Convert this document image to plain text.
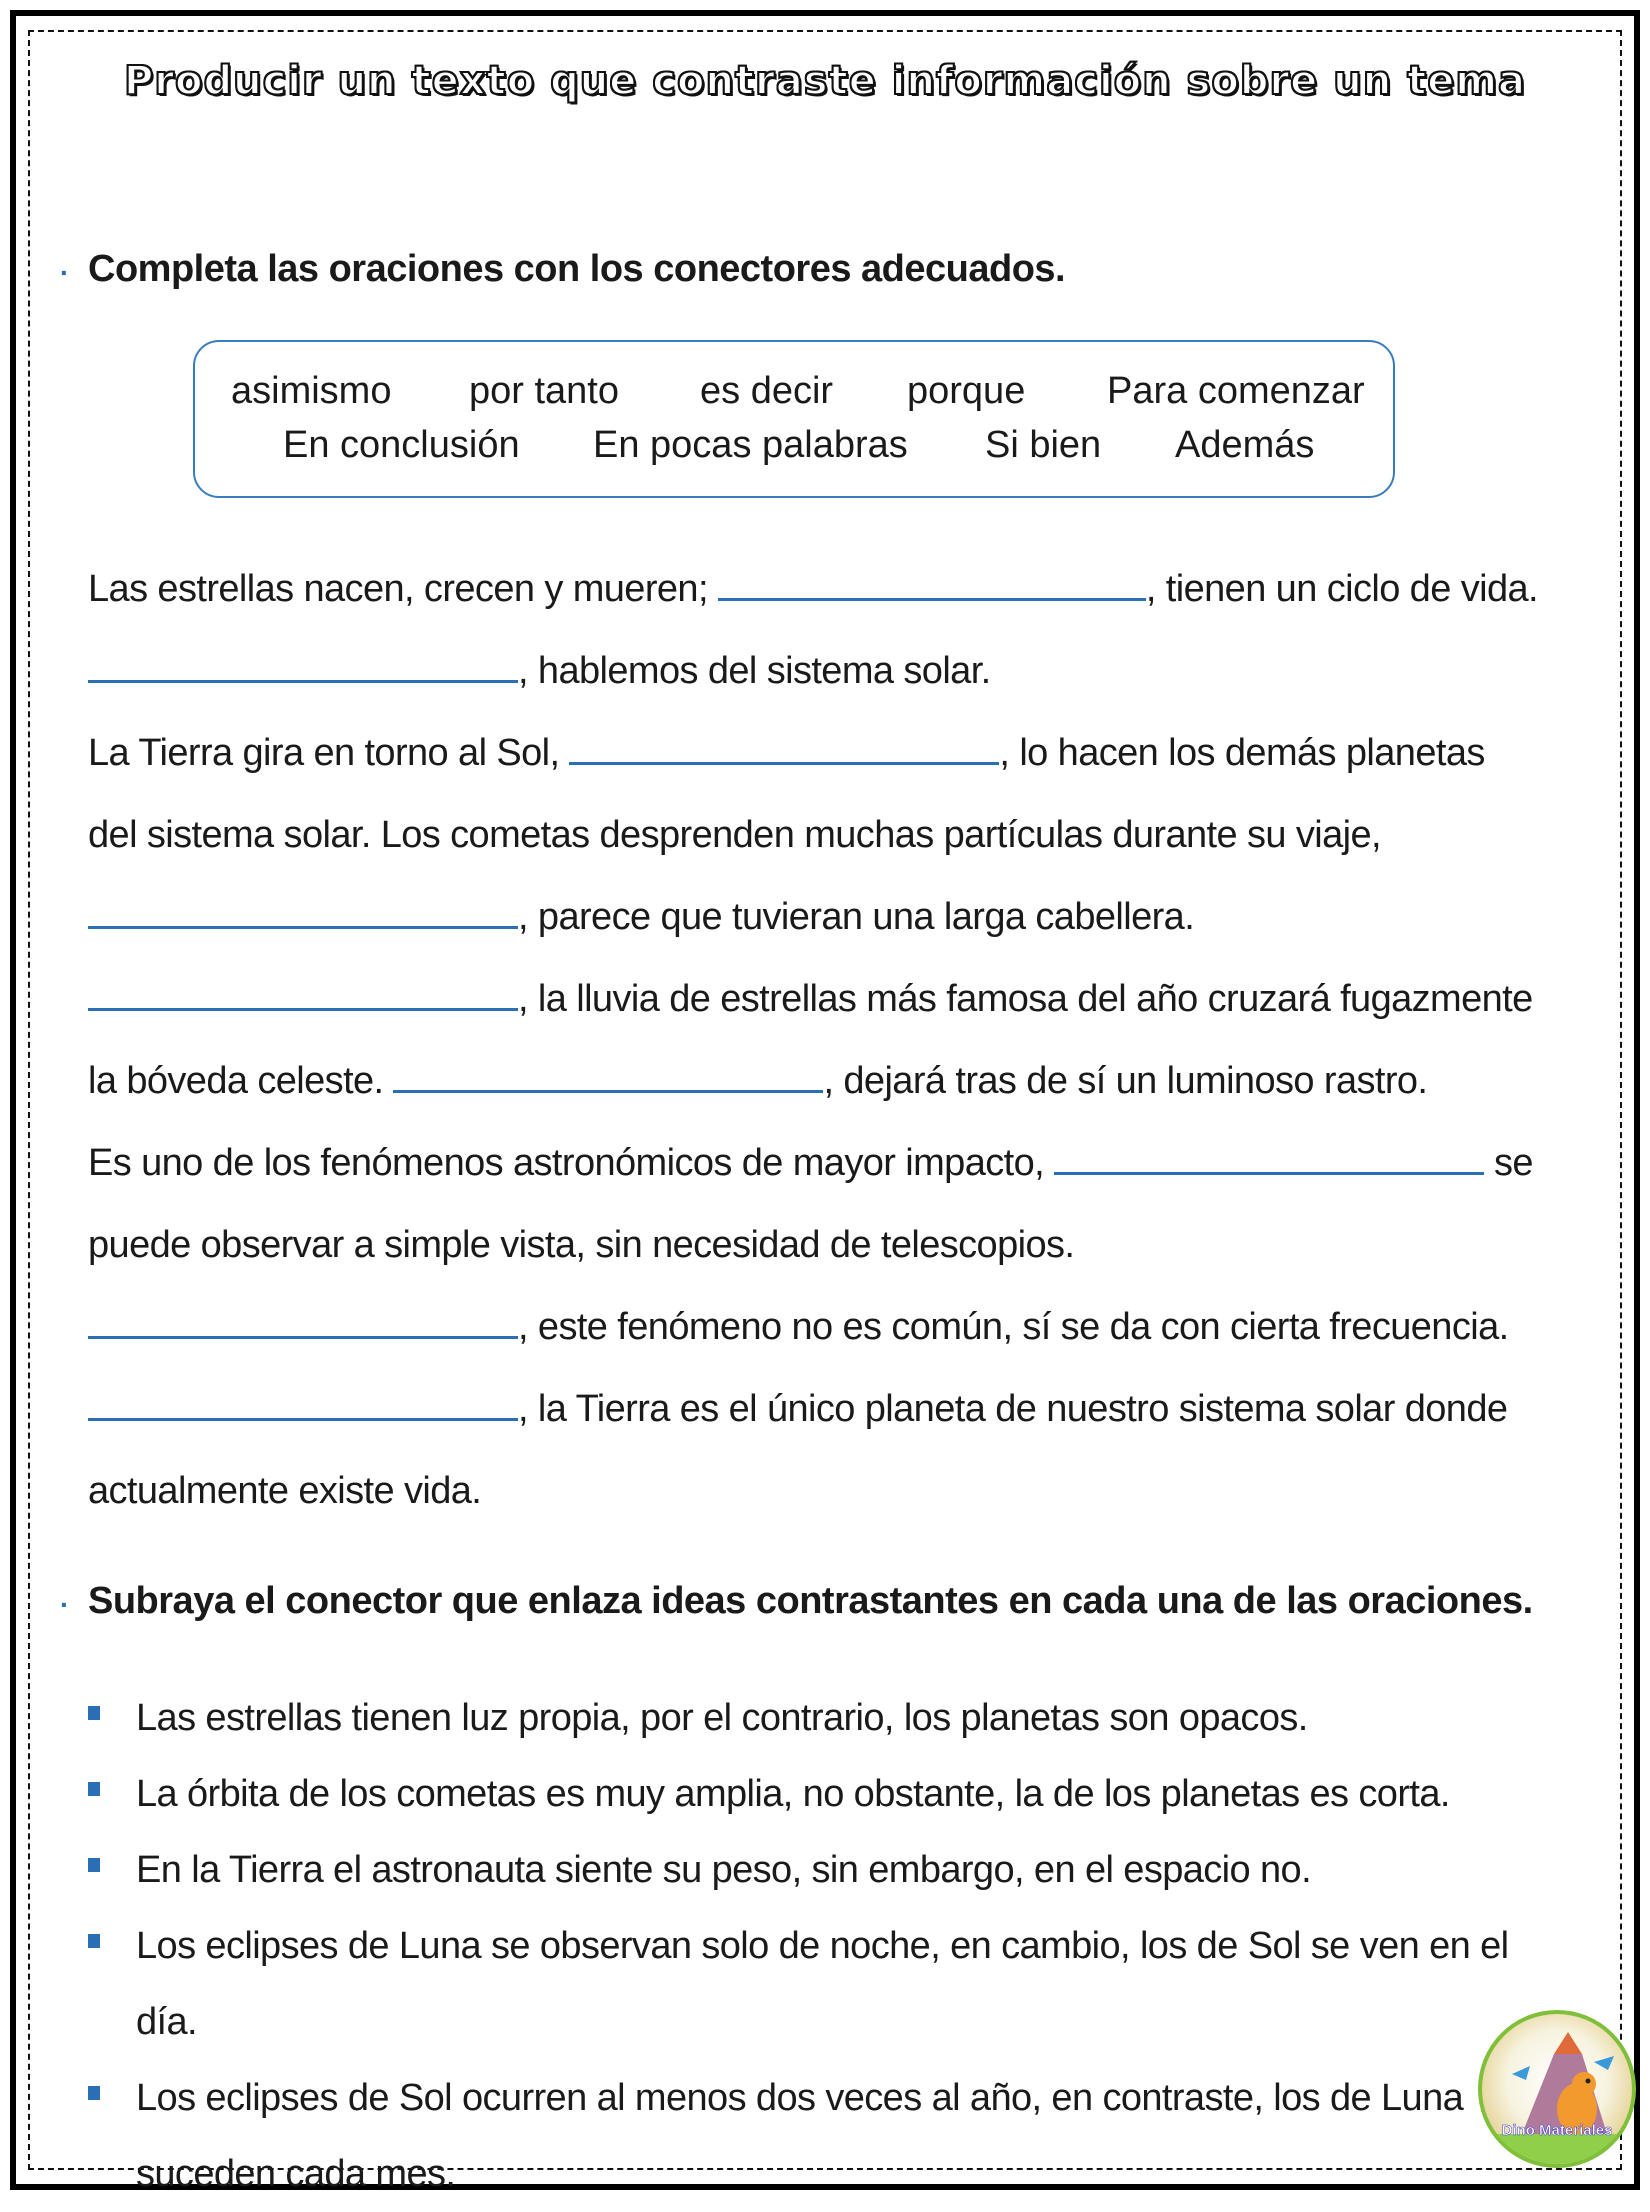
Producir un texto que contraste información sobre un tema
. Completa las oraciones con los conectores adecuados.
asimismo por tanto es decir porque Para comenzar
En conclusión En pocas palabras Si bien Además
Las estrellas nacen, crecen y mueren;	, tienen un ciclo de vida.
, hablemos del sistema solar.
La Tierra gira en torno al Sol,	, lo hacen los demás planetas
del sistema solar. Los cometas desprenden muchas partículas durante su viaje,
, parece que tuvieran una larga cabellera.
, la lluvia de estrellas más famosa del año cruzará fugazmente
la bóveda celeste.	, dejará tras de sí un luminoso rastro.
Es uno de los fenómenos astronómicos de mayor impacto,	se
puede observar a simple vista, sin necesidad de telescopios.
, este fenómeno no es común, sí se da con cierta frecuencia.
, la Tierra es el único planeta de nuestro sistema solar donde
actualmente existe vida.
. Subraya el conector que enlaza ideas contrastantes en cada una de las oraciones.
Las estrellas tienen luz propia, por el contrario, los planetas son opacos.
La órbita de los cometas es muy amplia, no obstante, la de los planetas es corta.
En la Tierra el astronauta siente su peso, sin embargo, en el espacio no.
Los eclipses de Luna se observan solo de noche, en cambio, los de Sol se ven en el día.
Los eclipses de Sol ocurren al menos dos veces al año, en contraste, los de Luna
suceden cada mes.
Dino Materiales
